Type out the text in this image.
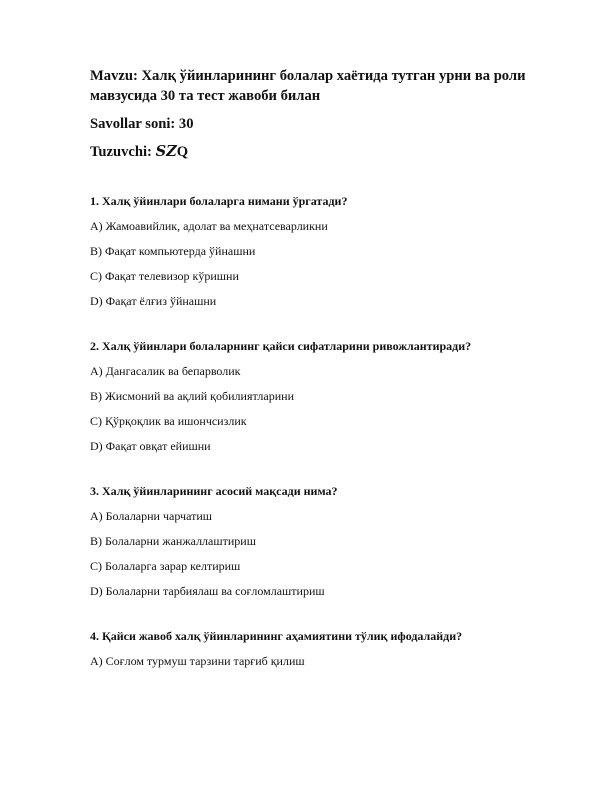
Mavzu: Халқ ўйинларининг болалар хаётида тутган урни ва роли
мавзусида 30 та тест жавоби билан
Savollar soni: 30
Tuzuvchi: SZQ
1. Халқ ўйинлари болаларга нимани ўргатади?
A) Жамоавийлик, адолат ва меҳнатсеварликни
B) Фақат компьютерда ўйнашни
C) Фақат телевизор кўришни
D) Фақат ёлғиз ўйнашни
2. Халқ ўйинлари болаларнинг қайси сифатларини ривожлантиради?
A) Дангасалик ва бепарволик
B) Жисмоний ва ақлий қобилиятларини
C) Қўрқоқлик ва ишончсизлик
D) Фақат овқат ейишни
3. Халқ ўйинларининг асосий мақсади нима?
A) Болаларни чарчатиш
B) Болаларни жанжаллаштириш
C) Болаларга зарар келтириш
D) Болаларни тарбиялаш ва соғломлаштириш
4. Қайси жавоб халқ ўйинларининг аҳамиятини тўлиқ ифодалайди?
A) Соғлом турмуш тарзини тарғиб қилиш
